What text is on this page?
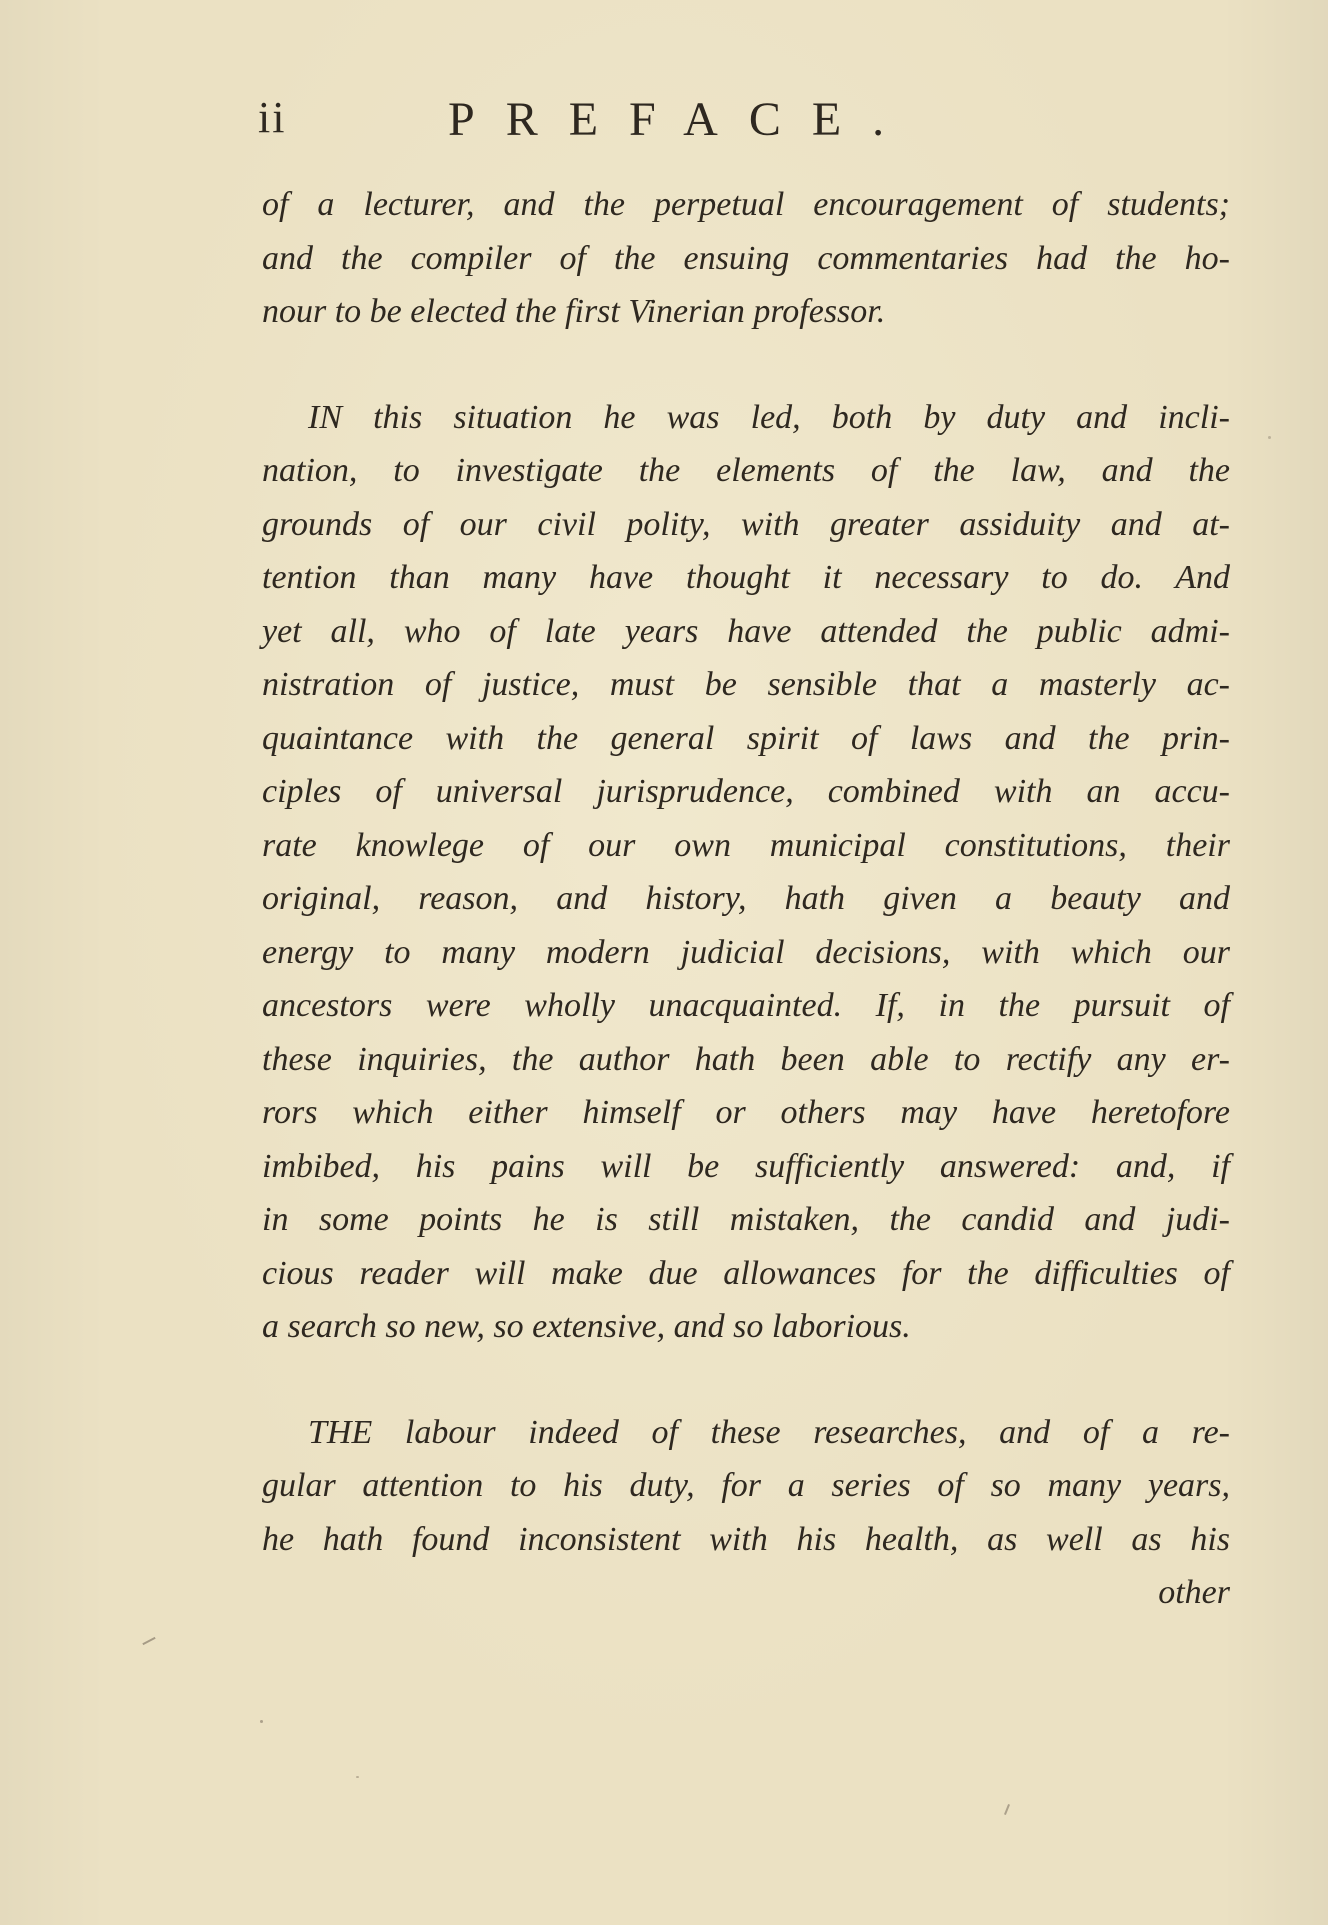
ii	PREFACE.
of a lecturer, and the perpetual encouragement of students;
and the compiler of the ensuing commentaries had the ho-
nour to be elected the first Vinerian professor.
IN this situation he was led, both by duty and incli-
nation, to investigate the elements of the law, and the
grounds of our civil polity, with greater assiduity and at-
tention than many have thought it necessary to do. And
yet all, who of late years have attended the public admi-
nistration of justice, must be sensible that a masterly ac-
quaintance with the general spirit of laws and the prin-
ciples of universal jurisprudence, combined with an accu-
rate knowlege of our own municipal constitutions, their
original, reason, and history, hath given a beauty and
energy to many modern judicial decisions, with which our
ancestors were wholly unacquainted. If, in the pursuit of
these inquiries, the author hath been able to rectify any er-
rors which either himself or others may have heretofore
imbibed, his pains will be sufficiently answered: and, if
in some points he is still mistaken, the candid and judi-
cious reader will make due allowances for the difficulties of
a search so new, so extensive, and so laborious.
THE labour indeed of these researches, and of a re-
gular attention to his duty, for a series of so many years,
he hath found inconsistent with his health, as well as his
other
